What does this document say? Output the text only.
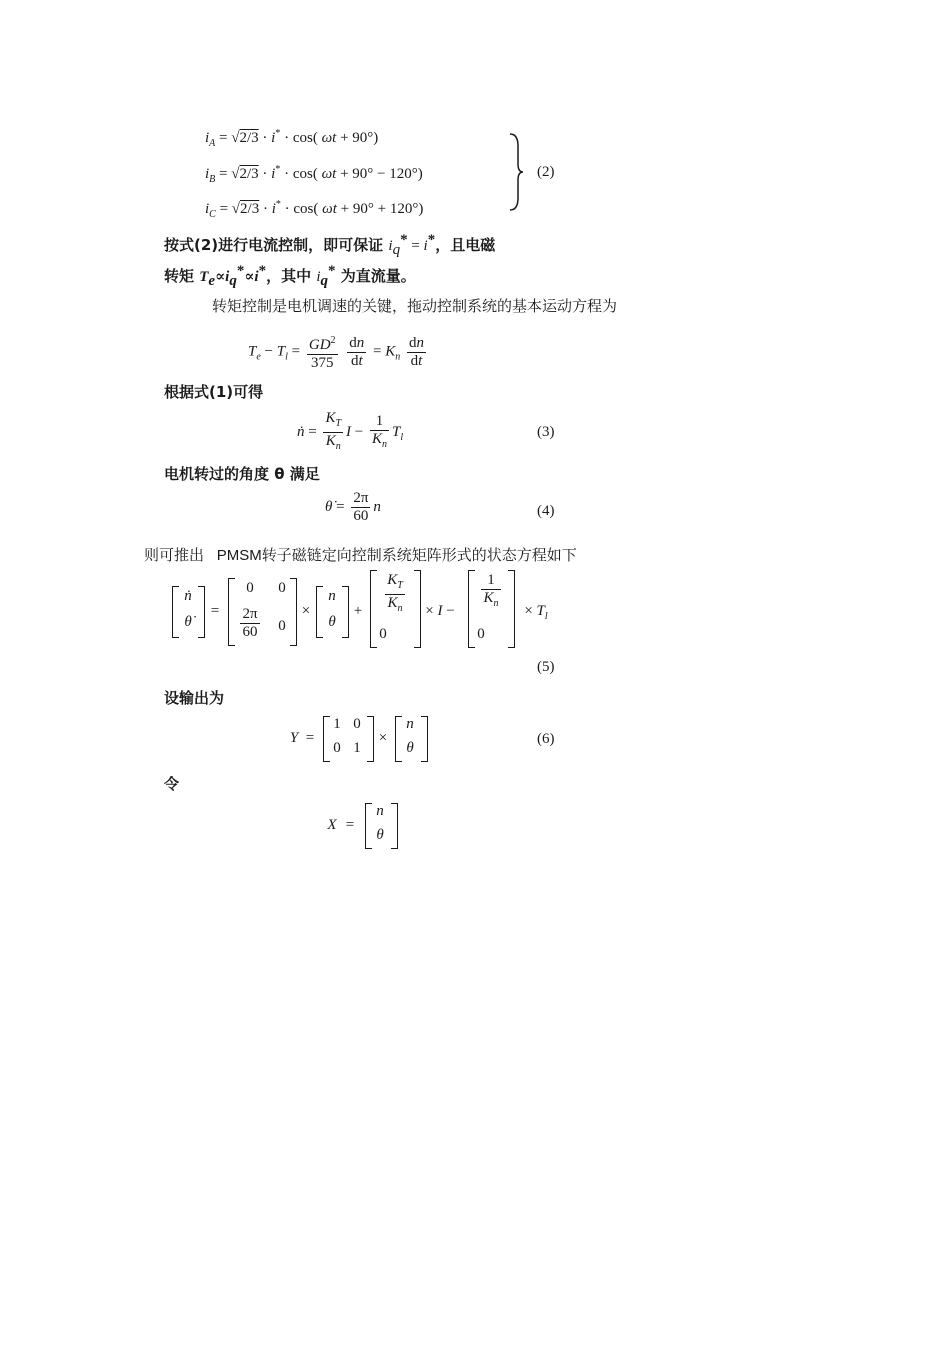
$i_A = √2/3 \cdot i^* \cdot \cos$( ωt + 90°)
$i_B = √2/3 \cdot i^* \cdot \cos$( ωt + 90° − 120°)
$i_C = √2/3 \cdot i^* \cdot \cos$( ωt + 90° + 120°)
(2)
按式(2)进行电流控制，即可保证 $i_q^* = i^*$，且电磁
转矩 $T_e\propto i_q^*\propto i^*$，其中 $i_q^*$ 为直流量。
转矩控制是电机调速的关键，拖动控制系统的基本运动方程为
$T_e - T_l = \frac{GD^2}{375}$
$\frac{dn}{dt} = K_n \frac{dn}{dt}$
根据式(1)可得
ṅ = $\frac{K_T}{K_n}$ $I - \frac{1}{K_n} T_l$	(3)
电机转过的角度 θ 满足
θ̇ = $\frac{2\pi}{60}$ n	(4)
则可推出 PMSM转子磁链定向控制系统矩阵形式的状态方程如下
ṅ
θ̇
=
0	0
$\frac{2\pi}{60}$	0
×
n
θ
+ $\frac{K_T}{K_n}$
0
× I −	$\frac{1}{K_n}$
0
× $T_l$
(5)
设输出为
Y =
1 0
0 1
×
n
θ
(6)
令
X =
n
θ
